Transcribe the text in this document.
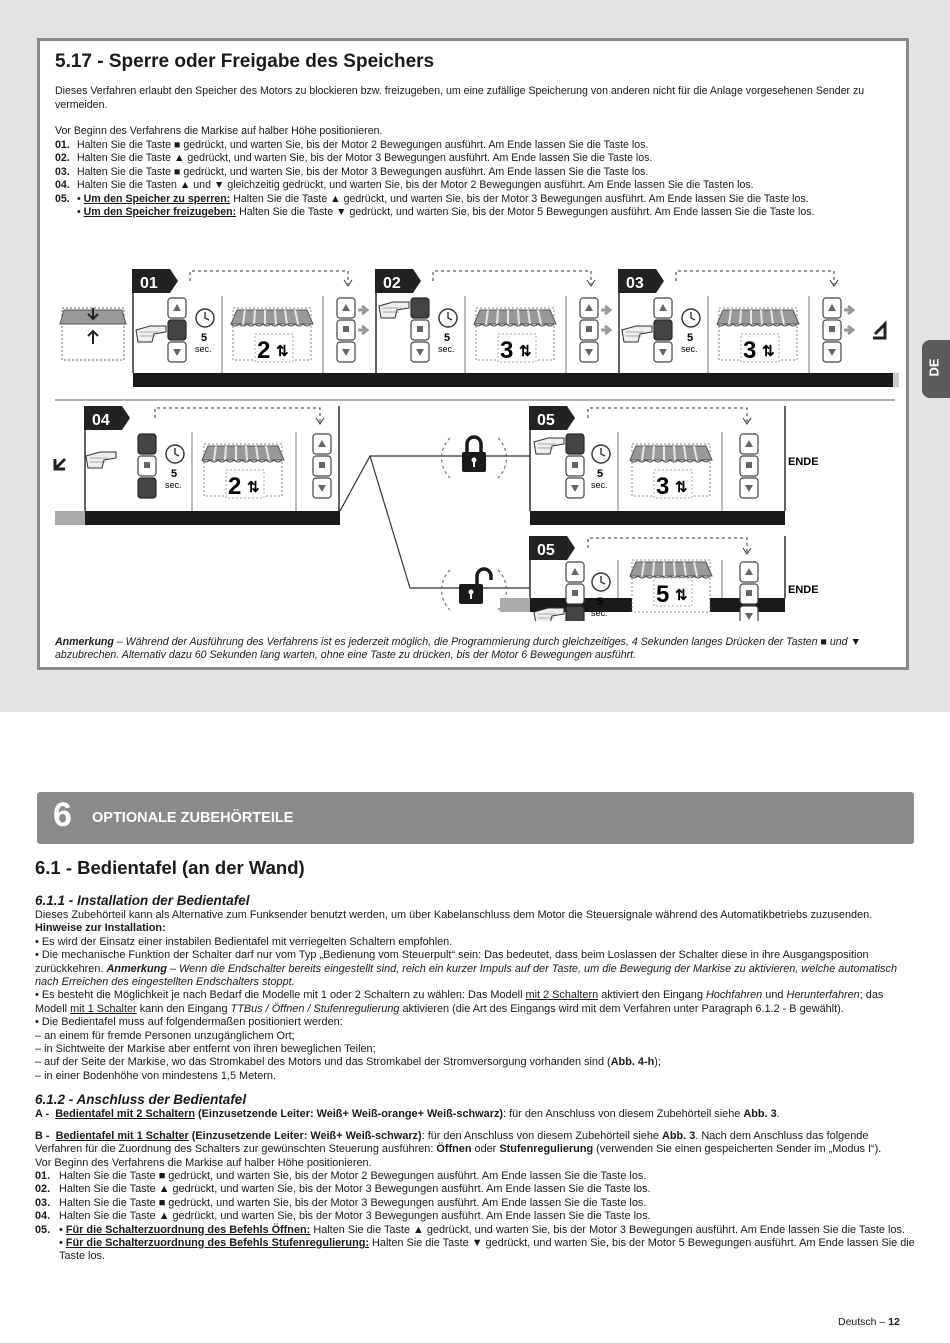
5.17 - Sperre oder Freigabe des Speichers

Dieses Verfahren erlaubt den Speicher des Motors zu blockieren bzw. freizugeben, um eine zufällige Speicherung von anderen nicht für die Anlage vorgesehenen Sender zu vermeiden.

Vor Beginn des Verfahrens die Markise auf halber Höhe positionieren.

01. Halten Sie die Taste ■ gedrückt, und warten Sie, bis der Motor 2 Bewegungen ausführt. Am Ende lassen Sie die Taste los.

02. Halten Sie die Taste ▲ gedrückt, und warten Sie, bis der Motor 3 Bewegungen ausführt. Am Ende lassen Sie die Taste los.

03. Halten Sie die Taste ■ gedrückt, und warten Sie, bis der Motor 3 Bewegungen ausführt. Am Ende lassen Sie die Taste los.

04. Halten Sie die Tasten ▲ und ▼ gleichzeitig gedrückt, und warten Sie, bis der Motor 2 Bewegungen ausführt. Am Ende lassen Sie die Tasten los.

05. • Um den Speicher zu sperren: Halten Sie die Taste ▲ gedrückt, und warten Sie, bis der Motor 3 Bewegungen ausführt. Am Ende lassen Sie die Taste los.

• Um den Speicher freizugeben: Halten Sie die Taste ▼ gedrückt, und warten Sie, bis der Motor 5 Bewegungen ausführt. Am Ende lassen Sie die Taste los.

01
5
sec. 2 ⇅
02
5
sec. 3 ⇅
03
5
sec. 3 ⇅
04
5
sec. 2 ⇅
05
5
sec. 3 ⇅
ENDE
05
5
sec.
5 ⇅	ENDE

Anmerkung – Während der Ausführung des Verfahrens ist es jederzeit möglich, die Programmierung durch gleichzeitiges, 4 Sekunden langes Drücken der Tasten ■ und ▼ abzubrechen. Alternativ dazu 60 Sekunden lang warten, ohne eine Taste zu drücken, bis der Motor 6 Bewegungen ausführt.

DE
6 OPTIONALE ZUBEHÖRTEILE
6.1 - Bedientafel (an der Wand)

6.1.1 - Installation der Bedientafel

Dieses Zubehörteil kann als Alternative zum Funksender benutzt werden, um über Kabelanschluss dem Motor die Steuersignale während des Automatikbetriebs zuzusenden.

Hinweise zur Installation:

• Es wird der Einsatz einer instabilen Bedientafel mit verriegelten Schaltern empfohlen.

• Die mechanische Funktion der Schalter darf nur vom Typ „Bedienung vom Steuerpult“ sein: Das bedeutet, dass beim Loslassen der Schalter diese in ihre Ausgangsposition zurückkehren. Anmerkung – Wenn die Endschalter bereits eingestellt sind, reich ein kurzer Impuls auf der Taste, um die Bewegung der Markise zu aktivieren, welche automatisch nach Erreichen des eingestellten Endschalters stoppt.

• Es besteht die Möglichkeit je nach Bedarf die Modelle mit 1 oder 2 Schaltern zu wählen: Das Modell mit 2 Schaltern aktiviert den Eingang Hochfahren und Herunterfahren; das Modell mit 1 Schalter kann den Eingang TTBus / Öffnen / Stufenregulierung aktivieren (die Art des Eingangs wird mit dem Verfahren unter Paragraph 6.1.2 - B gewählt).

• Die Bedientafel muss auf folgendermaßen positioniert werden:

– an einem für fremde Personen unzugänglichem Ort;

– in Sichtweite der Markise aber entfernt von ihren beweglichen Teilen;

– auf der Seite der Markise, wo das Stromkabel des Motors und das Stromkabel der Stromversorgung vorhanden sind (Abb. 4-h);

– in einer Bodenhöhe von mindestens 1,5 Metern.

6.1.2 - Anschluss der Bedientafel

A - Bedientafel mit 2 Schaltern (Einzusetzende Leiter: Weiß+ Weiß-orange+ Weiß-schwarz): für den Anschluss von diesem Zubehörteil siehe Abb. 3.

B - Bedientafel mit 1 Schalter (Einzusetzende Leiter: Weiß+ Weiß-schwarz): für den Anschluss von diesem Zubehörteil siehe Abb. 3. Nach dem Anschluss das folgende Verfahren für die Zuordnung des Schalters zur gewünschten Steuerung ausführen: Öffnen oder Stufenregulierung (verwenden Sie einen gespeicherten Sender im „Modus I“).

Vor Beginn des Verfahrens die Markise auf halber Höhe positionieren.

01. Halten Sie die Taste ■ gedrückt, und warten Sie, bis der Motor 2 Bewegungen ausführt. Am Ende lassen Sie die Taste los.

02. Halten Sie die Taste ▲ gedrückt, und warten Sie, bis der Motor 3 Bewegungen ausführt. Am Ende lassen Sie die Taste los.

03. Halten Sie die Taste ■ gedrückt, und warten Sie, bis der Motor 3 Bewegungen ausführt. Am Ende lassen Sie die Taste los.

04. Halten Sie die Taste ▲ gedrückt, und warten Sie, bis der Motor 3 Bewegungen ausführt. Am Ende lassen Sie die Taste los.

05. • Für die Schalterzuordnung des Befehls Öffnen: Halten Sie die Taste ▲ gedrückt, und warten Sie, bis der Motor 3 Bewegungen ausführt. Am Ende lassen Sie die Taste los.

• Für die Schalterzuordnung des Befehls Stufenregulierung: Halten Sie die Taste ▼ gedrückt, und warten Sie, bis der Motor 5 Bewegungen ausführt. Am Ende lassen Sie die Taste los.

Deutsch – 12
